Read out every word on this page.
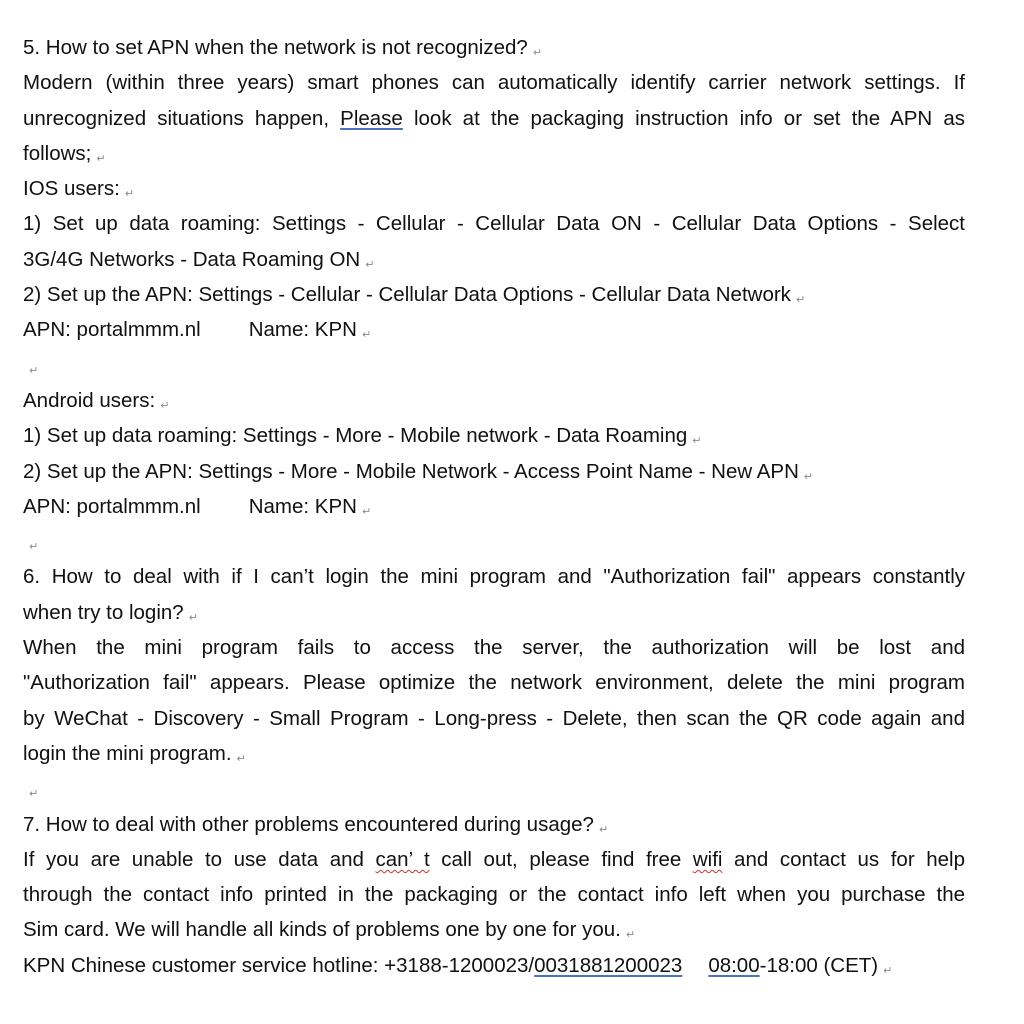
5. How to set APN when the network is not recognized? ↵
Modern (within three years) smart phones can automatically identify carrier network settings. If
unrecognized situations happen, Please look at the packaging instruction info or set the APN as
follows; ↵
IOS users: ↵
1) Set up data roaming: Settings - Cellular - Cellular Data ON - Cellular Data Options - Select
3G/4G Networks - Data Roaming ON ↵
2) Set up the APN: Settings - Cellular - Cellular Data Options - Cellular Data Network ↵
APN: portalmmm.nl Name: KPN ↵
↵
Android users: ↵
1) Set up data roaming: Settings - More - Mobile network - Data Roaming ↵
2) Set up the APN: Settings - More - Mobile Network - Access Point Name - New APN ↵
APN: portalmmm.nl Name: KPN ↵
↵
6. How to deal with if I can’t login the mini program and "Authorization fail" appears constantly
when try to login? ↵
When the mini program fails to access the server, the authorization will be lost and
"Authorization fail" appears. Please optimize the network environment, delete the mini program
by WeChat - Discovery - Small Program - Long-press - Delete, then scan the QR code again and
login the mini program. ↵
↵
7. How to deal with other problems encountered during usage? ↵
If you are unable to use data and can’ t call out, please find free wifi and contact us for help
through the contact info printed in the packaging or the contact info left when you purchase the
Sim card. We will handle all kinds of problems one by one for you. ↵
KPN Chinese customer service hotline: +3188-1200023/0031881200023 08:00-18:00 (CET) ↵
